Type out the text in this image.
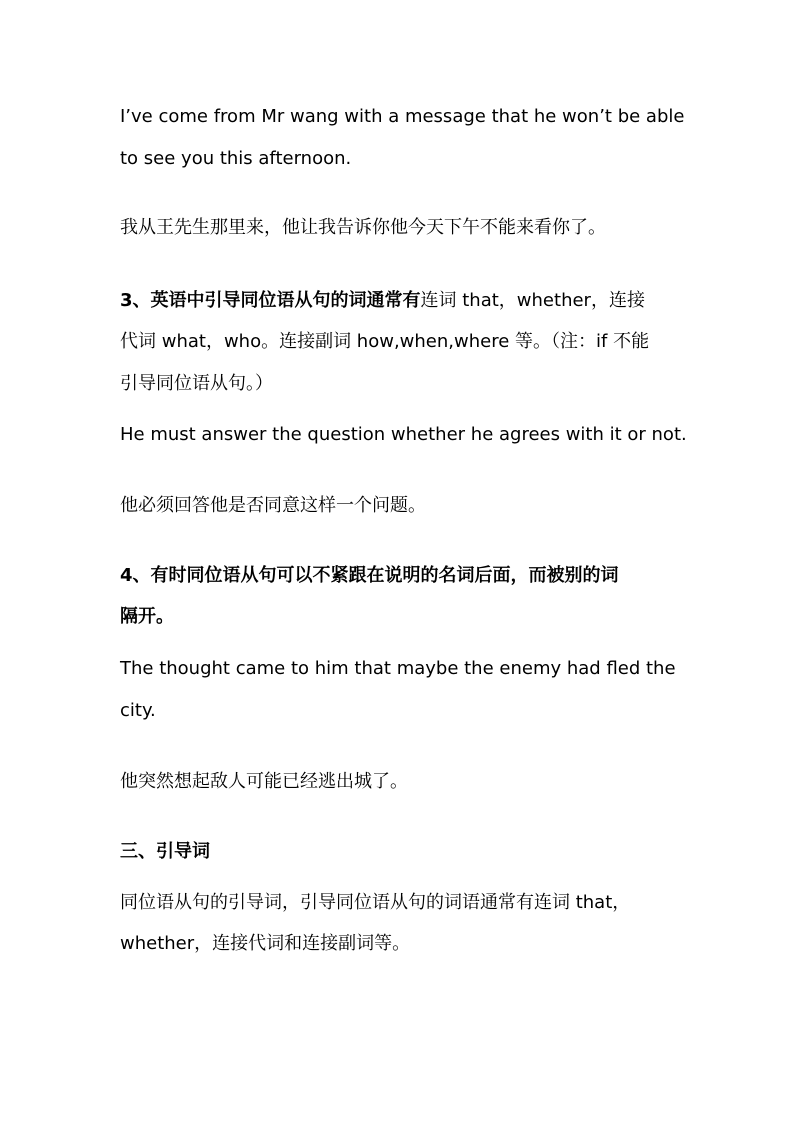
I’ve come from Mr wang with a message that he won’t be able
to see you this afternoon.
我从王先生那里来，他让我告诉你他今天下午不能来看你了。
3、英语中引导同位语从句的词通常有连词 that，whether，连接
代词 what，who。连接副词 how,when,where 等。（注：if 不能
引导同位语从句。）
He must answer the question whether he agrees with it or not.
他必须回答他是否同意这样一个问题。
4、有时同位语从句可以不紧跟在说明的名词后面，而被别的词
隔开。
The thought came to him that maybe the enemy had fled the
city.
他突然想起敌人可能已经逃出城了。
三、引导词
同位语从句的引导词，引导同位语从句的词语通常有连词 that，
whether，连接代词和连接副词等。
